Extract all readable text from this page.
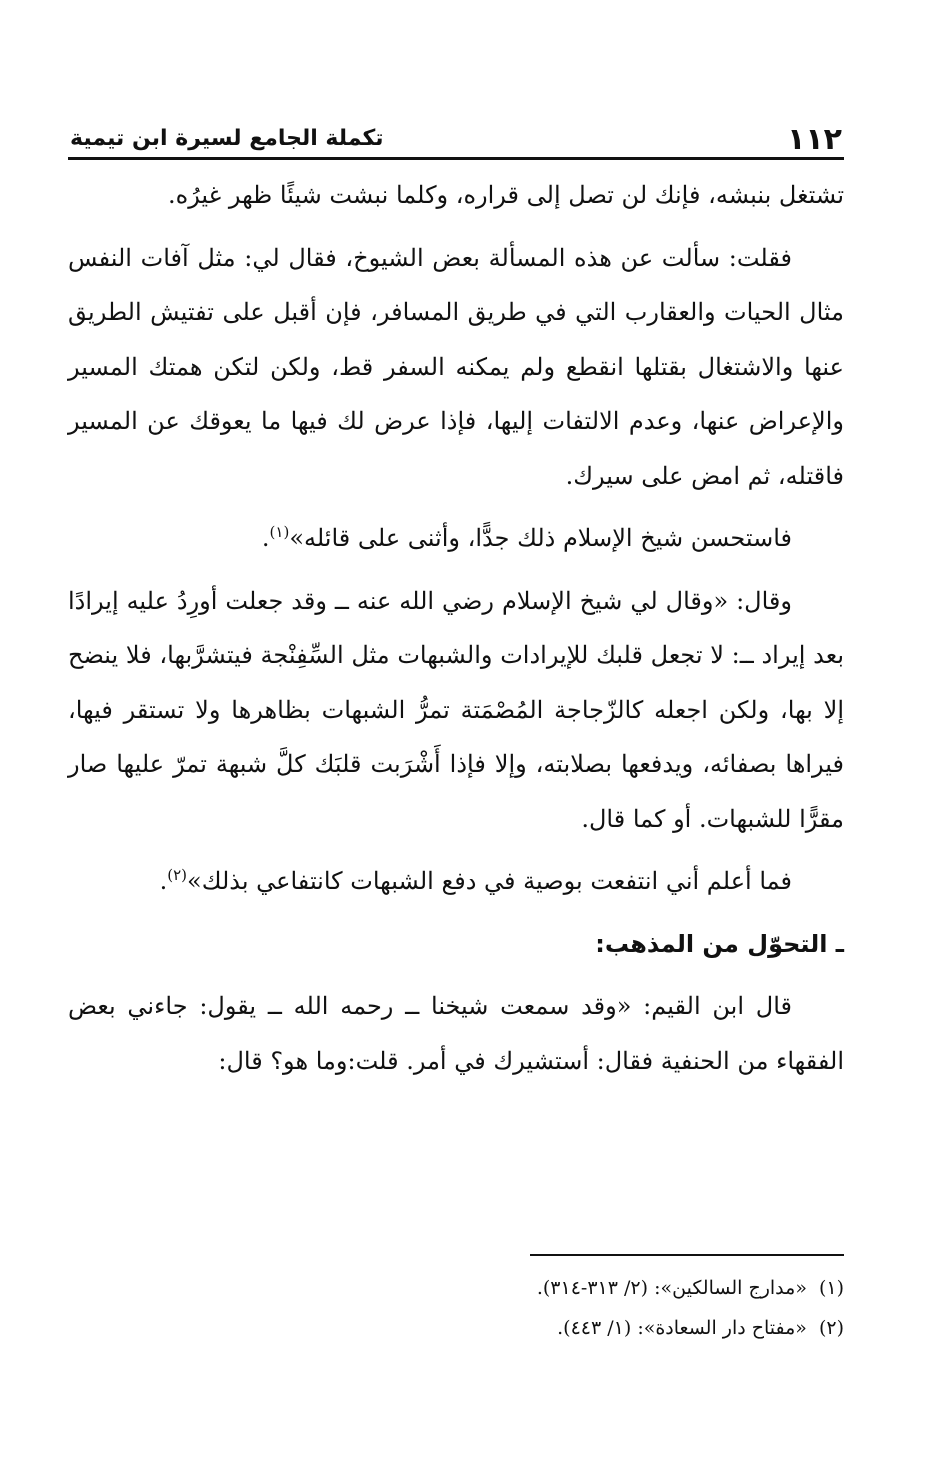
١١٢
تكملة الجامع لسيرة ابن تيمية

تشتغل بنبشه، فإنك لن تصل إلى قراره، وكلما نبشت شيئًا ظهر غيرُه.

فقلت: سألت عن هذه المسألة بعض الشيوخ، فقال لي: مثل آفات النفس مثال الحيات والعقارب التي في طريق المسافر، فإن أقبل على تفتيش الطريق عنها والاشتغال بقتلها انقطع ولم يمكنه السفر قط، ولكن لتكن همتك المسير والإعراض عنها، وعدم الالتفات إليها، فإذا عرض لك فيها ما يعوقك عن المسير فاقتله، ثم امض على سيرك.

فاستحسن شيخ الإسلام ذلك جدًّا، وأثنى على قائله»$^{(١)}$.

وقال: «وقال لي شيخ الإسلام رضي الله عنه ــ وقد جعلت أورِدُ عليه إيرادًا بعد إيراد ــ: لا تجعل قلبك للإيرادات والشبهات مثل السِّفِنْجة فيتشرَّبها، فلا ينضح إلا بها، ولكن اجعله كالزّجاجة المُصْمَتة تمرُّ الشبهات بظاهرها ولا تستقر فيها، فيراها بصفائه، ويدفعها بصلابته، وإلا فإذا أَشْرَبت قلبَك كلَّ شبهة تمرّ عليها صار مقرًّا للشبهات. أو كما قال.

فما أعلم أني انتفعت بوصية في دفع الشبهات كانتفاعي بذلك»$^{(٢)}$.

ـ التحوّل من المذهب:

قال ابن القيم: «وقد سمعت شيخنا ــ رحمه الله ــ يقول: جاءني بعض الفقهاء من الحنفية فقال: أستشيرك في أمر. قلت:وما هو؟ قال:

(١)«مدارج السالكين»: (٢/ ٣١٣-٣١٤).

(٢)«مفتاح دار السعادة»: (١/ ٤٤٣).
